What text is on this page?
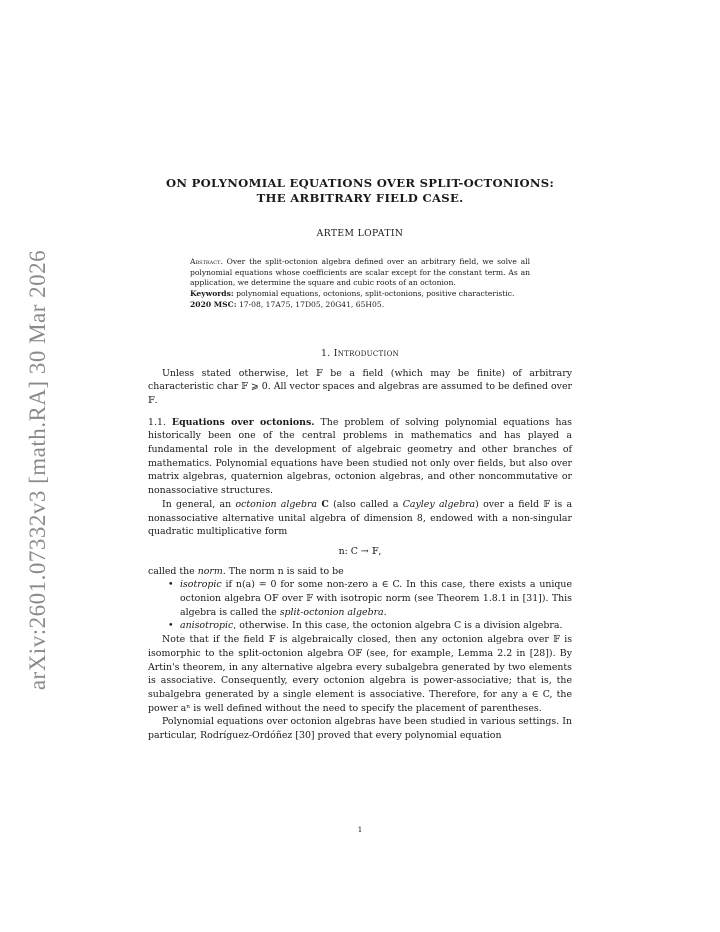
arXiv:2601.07332v3 [math.RA] 30 Mar 2026

ON POLYNOMIAL EQUATIONS OVER SPLIT-OCTONIONS:

THE ARBITRARY FIELD CASE.

ARTEM LOPATIN

Abstract. Over the split-octonion algebra defined over an arbitrary field, we solve all polynomial equations whose coefficients are scalar except for the constant term. As an application, we determine the square and cubic roots of an octonion.

Keywords: polynomial equations, octonions, split-octonions, positive characteristic.

2020 MSC: 17-08, 17A75, 17D05, 20G41, 65H05.

1. Introduction

Unless stated otherwise, let 𝔽 be a field (which may be finite) of arbitrary characteristic char 𝔽 ⩾ 0. All vector spaces and algebras are assumed to be defined over 𝔽.

1.1. Equations over octonions. The problem of solving polynomial equations has historically been one of the central problems in mathematics and has played a fundamental role in the development of algebraic geometry and other branches of mathematics. Polynomial equations have been studied not only over fields, but also over matrix algebras, quaternion algebras, octonion algebras, and other noncommutative or nonassociative structures.

In general, an octonion algebra C (also called a Cayley algebra) over a field 𝔽 is a nonassociative alternative unital algebra of dimension 8, endowed with a non-singular quadratic multiplicative form

n: C → 𝔽,

called the norm. The norm n is said to be

• isotropic if n(a) = 0 for some non-zero a ∈ C. In this case, there exists a unique octonion algebra O𝔽 over 𝔽 with isotropic norm (see Theorem 1.8.1 in [31]). This algebra is called the split-octonion algebra.
• anisotropic, otherwise. In this case, the octonion algebra C is a division algebra.

Note that if the field 𝔽 is algebraically closed, then any octonion algebra over 𝔽 is isomorphic to the split-octonion algebra O𝔽 (see, for example, Lemma 2.2 in [28]). By Artin's theorem, in any alternative algebra every subalgebra generated by two elements is associative. Consequently, every octonion algebra is power-associative; that is, the subalgebra generated by a single element is associative. Therefore, for any a ∈ C, the power aⁿ is well defined without the need to specify the placement of parentheses.

Polynomial equations over octonion algebras have been studied in various settings. In particular, Rodríguez-Ordóñez [30] proved that every polynomial equation

1
